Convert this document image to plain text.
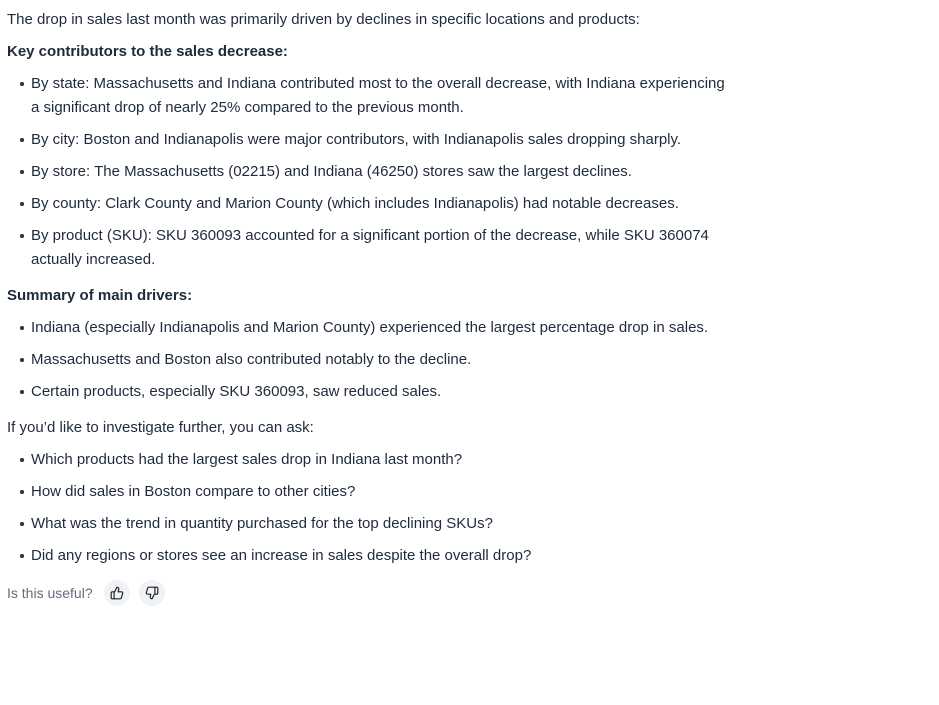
The drop in sales last month was primarily driven by declines in specific locations and products:

Key contributors to the sales decrease:

By state: Massachusetts and Indiana contributed most to the overall decrease, with Indiana experiencing a significant drop of nearly 25% compared to the previous month.
By city: Boston and Indianapolis were major contributors, with Indianapolis sales dropping sharply.
By store: The Massachusetts (02215) and Indiana (46250) stores saw the largest declines.
By county: Clark County and Marion County (which includes Indianapolis) had notable decreases.
By product (SKU): SKU 360093 accounted for a significant portion of the decrease, while SKU 360074 actually increased.

Summary of main drivers:

Indiana (especially Indianapolis and Marion County) experienced the largest percentage drop in sales.
Massachusetts and Boston also contributed notably to the decline.
Certain products, especially SKU 360093, saw reduced sales.

If you’d like to investigate further, you can ask:

Which products had the largest sales drop in Indiana last month?
How did sales in Boston compare to other cities?
What was the trend in quantity purchased for the top declining SKUs?
Did any regions or stores see an increase in sales despite the overall drop?
Is this useful?
